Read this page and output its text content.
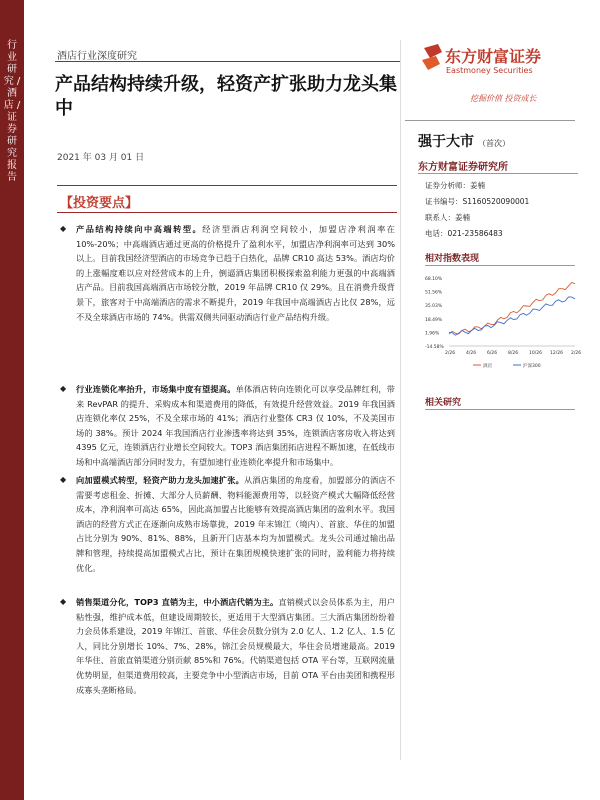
行业研究 / 酒店 / 证券研究报告
酒店行业深度研究
产品结构持续升级，轻资产扩张助力龙头集中
2021 年 03 月 01 日
东方财富证券
Eastmoney Securities
挖掘价值 投资成长
强于大市 （首次）
东方财富证券研究所
证券分析师：姜楠
证书编号：S1160520090001
联系人：姜楠
电话：021-23586483
相对指数表现
68.10%
51.56%
35.03%
18.49%
1.96%
-14.58%
2/26 4/26 6/26 8/26 10/26 12/26 2/26
酒店	沪深300
相关研究
【投资要点】
◆ 产品结构持续向中高端转型。经济型酒店利润空间较小，加盟店净利润率在 10%-20%；中高端酒店通过更高的价格提升了盈利水平，加盟店净利润率可达到 30%以上。目前我国经济型酒店的市场竞争已趋于白热化，品牌 CR10 高达 53%。酒店均价的上涨幅度难以应对经营成本的上升，倒逼酒店集团积极探索盈利能力更强的中高端酒店产品。目前我国高端酒店市场较分散，2019 年品牌 CR10 仅 29%。且在消费升级背景下，旅客对于中高端酒店的需求不断提升，2019 年我国中高端酒店占比仅 28%，远不及全球酒店市场的 74%。供需双侧共同驱动酒店行业产品结构升级。
◆ 行业连锁化率抬升，市场集中度有望提高。单体酒店转向连锁化可以享受品牌红利，带来 RevPAR 的提升、采购成本和渠道费用的降低，有效提升经营效益。2019 年我国酒店连锁化率仅 25%，不及全球市场的 41%；酒店行业整体 CR3 仅 10%，不及美国市场的 38%。预计 2024 年我国酒店行业渗透率将达到 35%，连锁酒店客房收入将达到 4395 亿元，连锁酒店行业增长空间较大。TOP3 酒店集团拓店进程不断加速，在低线市场和中高端酒店部分同时发力，有望加速行业连锁化率提升和市场集中。
◆ 向加盟模式转型，轻资产助力龙头加速扩张。从酒店集团的角度看，加盟部分的酒店不需要考虑租金、折摊、大部分人员薪酬、物料能源费用等，以轻资产模式大幅降低经营成本，净利润率可高达 65%，因此高加盟占比能够有效提高酒店集团的盈利水平。我国酒店的经营方式正在逐渐向成熟市场靠拢，2019 年末锦江（境内）、首旅、华住的加盟占比分别为 90%、81%、88%，且新开门店基本均为加盟模式。龙头公司通过输出品牌和管理，持续提高加盟模式占比，预计在集团规模快速扩张的同时，盈利能力将持续优化。
◆ 销售渠道分化，TOP3 直销为主，中小酒店代销为主。直销模式以会员体系为主，用户粘性强，维护成本低，但建设周期较长，更适用于大型酒店集团。三大酒店集团纷纷着力会员体系建设，2019 年锦江、首旅、华住会员数分别为 2.0 亿人、1.2 亿人、1.5 亿人，同比分别增长 10%、7%、28%，锦江会员规模最大，华住会员增速最高。2019 年华住、首旅直销渠道分别贡献 85%和 76%。代销渠道包括 OTA 平台等，互联网流量优势明显，但渠道费用较高，主要竞争中小型酒店市场，目前 OTA 平台由美团和携程形成寡头垄断格局。
